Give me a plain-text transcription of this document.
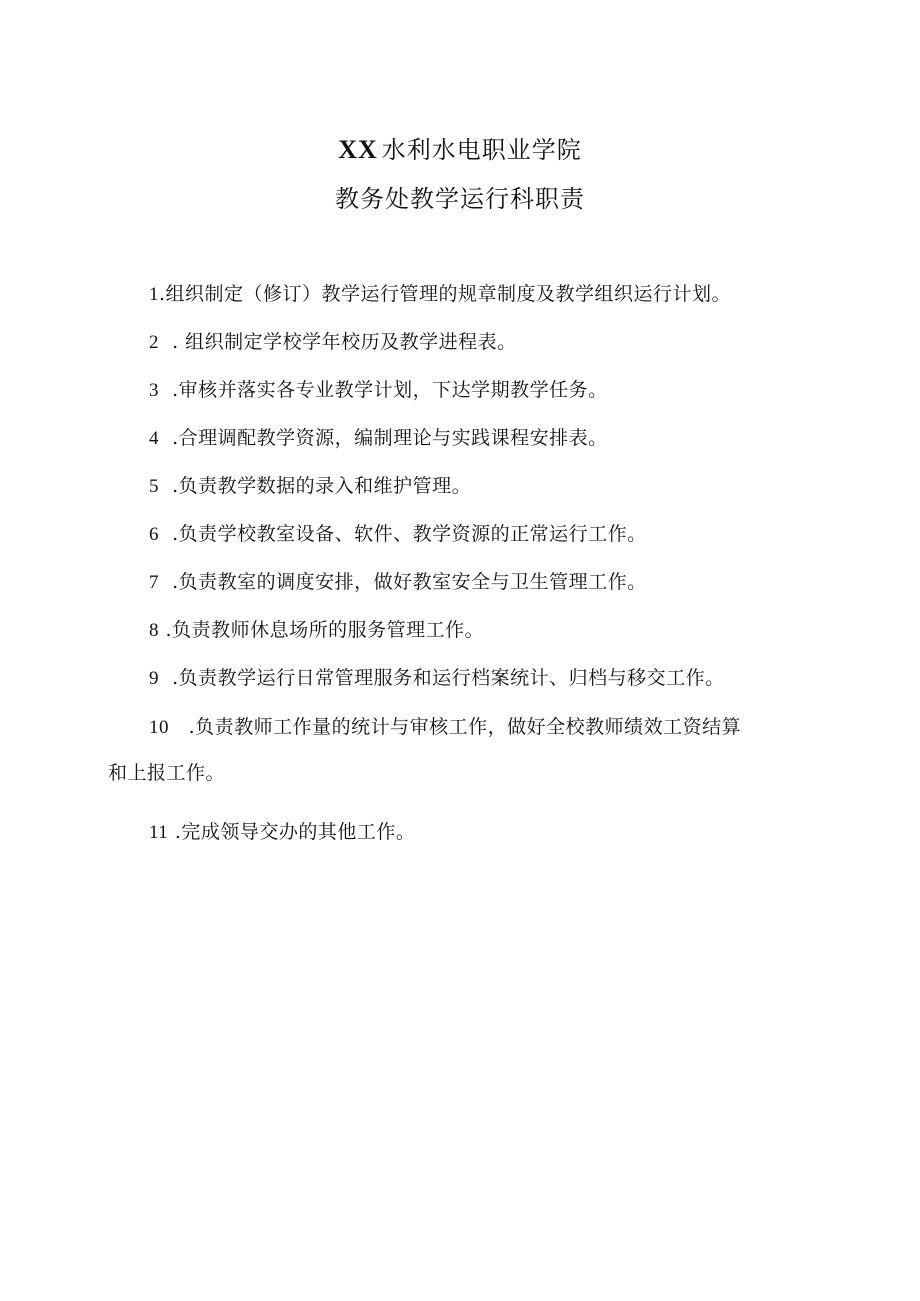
XX 水利水电职业学院
教务处教学运行科职责
1.组织制定（修订）教学运行管理的规章制度及教学组织运行计划。
2  . 组织制定学校学年校历及教学进程表。
3  .审核并落实各专业教学计划，下达学期教学任务。
4  .合理调配教学资源，编制理论与实践课程安排表。
5  .负责教学数据的录入和维护管理。
6  .负责学校教室设备、软件、教学资源的正常运行工作。
7  .负责教室的调度安排，做好教室安全与卫生管理工作。
8 .负责教师休息场所的服务管理工作。
9  .负责教学运行日常管理服务和运行档案统计、归档与移交工作。
10   .负责教师工作量的统计与审核工作，做好全校教师绩效工资结算
和上报工作。
11 .完成领导交办的其他工作。
